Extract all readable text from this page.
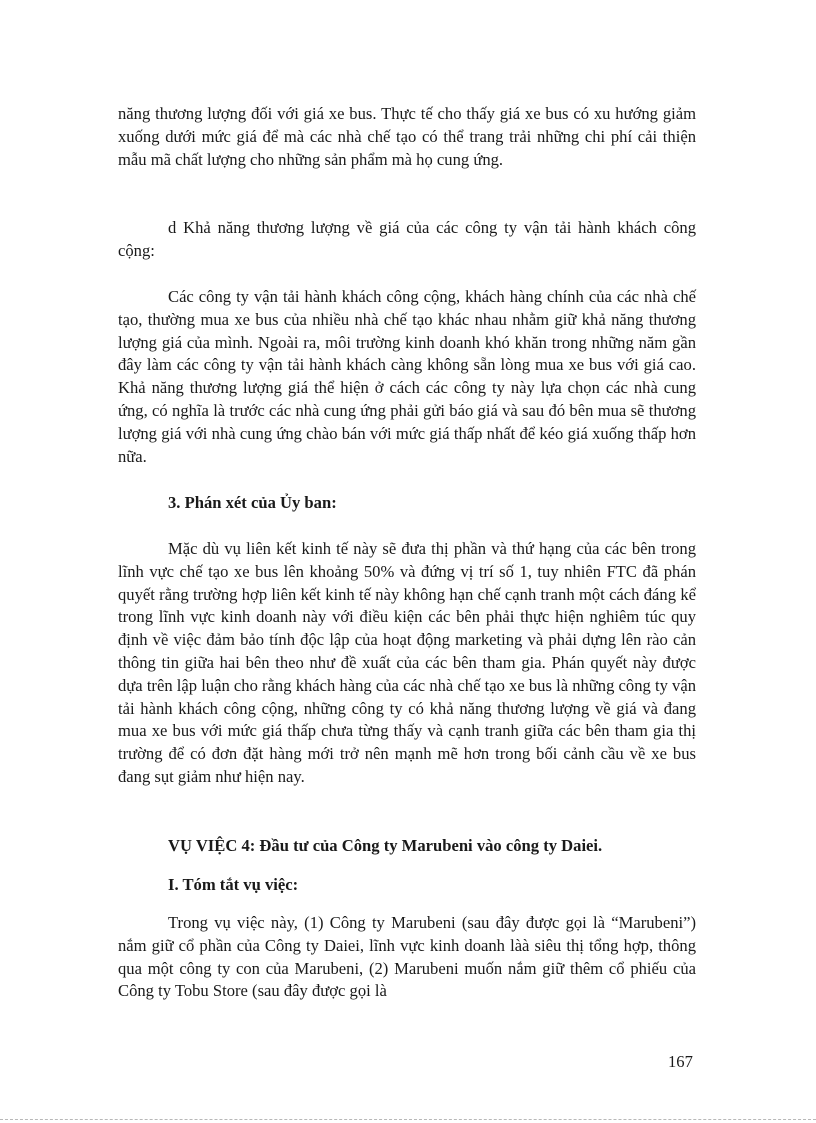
năng thương lượng đối với giá xe bus. Thực tế cho thấy giá xe bus có xu hướng giảm xuống dưới mức giá để mà các nhà chế tạo có thể trang trải những chi phí cải thiện mẫu mã chất lượng cho những sản phẩm mà họ cung ứng.

d Khả năng thương lượng về giá của các công ty vận tải hành khách công cộng:

Các công ty vận tải hành khách công cộng, khách hàng chính của các nhà chế tạo, thường mua xe bus của nhiều nhà chế tạo khác nhau nhằm giữ khả năng thương lượng giá của mình. Ngoài ra, môi trường kinh doanh khó khăn trong những năm gần đây làm các công ty vận tải hành khách càng không sẵn lòng mua xe bus với giá cao. Khả năng thương lượng giá thể hiện ở cách các công ty này lựa chọn các nhà cung ứng, có nghĩa là trước các nhà cung ứng phải gửi báo giá và sau đó bên mua sẽ thương lượng giá với nhà cung ứng chào bán với mức giá thấp nhất để kéo giá xuống thấp hơn nữa.

3. Phán xét của Ủy ban:

Mặc dù vụ liên kết kinh tế này sẽ đưa thị phần và thứ hạng của các bên trong lĩnh vực chế tạo xe bus lên khoảng 50% và đứng vị trí số 1, tuy nhiên FTC đã phán quyết rằng trường hợp liên kết kinh tế này không hạn chế cạnh tranh một cách đáng kể trong lĩnh vực kinh doanh này với điều kiện các bên phải thực hiện nghiêm túc quy định về việc đảm bảo tính độc lập của hoạt động marketing và phải dựng lên rào cản thông tin giữa hai bên theo như đề xuất của các bên tham gia. Phán quyết này được dựa trên lập luận cho rằng khách hàng của các nhà chế tạo xe bus là những công ty vận tải hành khách công cộng, những công ty có khả năng thương lượng về giá và đang mua xe bus với mức giá thấp chưa từng thấy và cạnh tranh giữa các bên tham gia thị trường để có đơn đặt hàng mới trở nên mạnh mẽ hơn trong bối cảnh cầu về xe bus đang sụt giảm như hiện nay.

VỤ VIỆC 4: Đầu tư của Công ty Marubeni vào công ty Daiei.
I. Tóm tắt vụ việc:

Trong vụ việc này, (1) Công ty Marubeni (sau đây được gọi là “Marubeni”) nắm giữ cổ phần của Công ty Daiei, lĩnh vực kinh doanh làà siêu thị tổng hợp, thông qua một công ty con của Marubeni, (2) Marubeni muốn nắm giữ thêm cổ phiếu của Công ty Tobu Store (sau đây được gọi là

167
